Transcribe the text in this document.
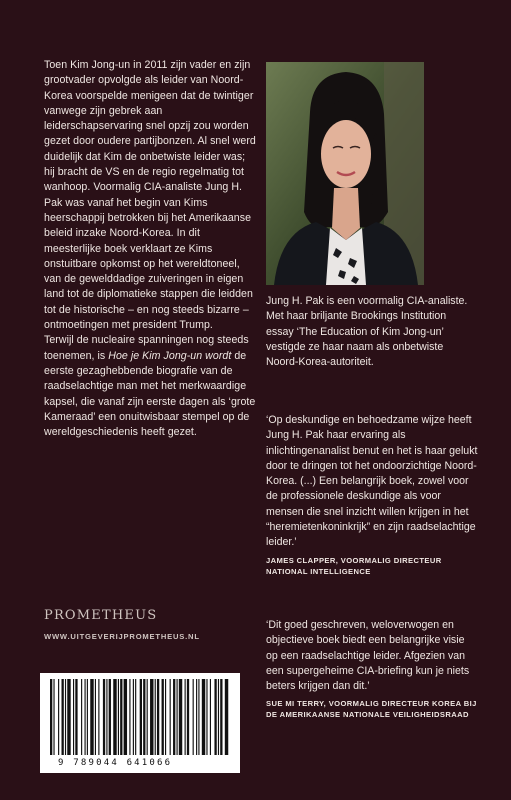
Toen Kim Jong-un in 2011 zijn vader en zijn grootvader opvolgde als leider van Noord-Korea voorspelde menigeen dat de twintiger vanwege zijn gebrek aan leiderschapservaring snel opzij zou worden gezet door oudere partijbonzen. Al snel werd duidelijk dat Kim de onbetwiste leider was; hij bracht de VS en de regio regelmatig tot wanhoop. Voormalig CIA-analiste Jung H. Pak was vanaf het begin van Kims heerschappij betrokken bij het Amerikaanse beleid inzake Noord-Korea. In dit meesterlijke boek verklaart ze Kims onstuitbare opkomst op het wereldtoneel, van de gewelddadige zuiveringen in eigen land tot de diplomatieke stappen die leidden tot de historische – en nog steeds bizarre – ontmoetingen met president Trump.

Terwijl de nucleaire spanningen nog steeds toenemen, is Hoe je Kim Jong-un wordt de eerste gezaghebbende biografie van de raadselachtige man met het merkwaardige kapsel, die vanaf zijn eerste dagen als ‘grote Kameraad’ een onuitwisbaar stempel op de wereldgeschiedenis heeft gezet.

Jung H. Pak is een voormalig CIA-analiste. Met haar briljante Brookings Institution essay ‘The Education of Kim Jong-un’ vestigde ze haar naam als onbetwiste Noord-Korea-autoriteit.

‘Op deskundige en behoedzame wijze heeft Jung H. Pak haar ervaring als inlichtingenanalist benut en het is haar gelukt door te dringen tot het ondoorzichtige Noord-Korea. (...) Een belangrijk boek, zowel voor de professionele deskundige als voor mensen die snel inzicht willen krijgen in het “heremietenkoninkrijk” en zijn raadselachtige leider.’

JAMES CLAPPER, VOORMALIG DIRECTEUR NATIONAL INTELLIGENCE

‘Dit goed geschreven, weloverwogen en objectieve boek biedt een belangrijke visie op een raadselachtige leider. Afgezien van een supergeheime CIA-briefing kun je niets beters krijgen dan dit.’

SUE MI TERRY, VOORMALIG DIRECTEUR KOREA BIJ DE AMERIKAANSE NATIONALE VEILIGHEIDSRAAD
PROMETHEUS
WWW.UITGEVERIJPROMETHEUS.NL
9 789044 641066
